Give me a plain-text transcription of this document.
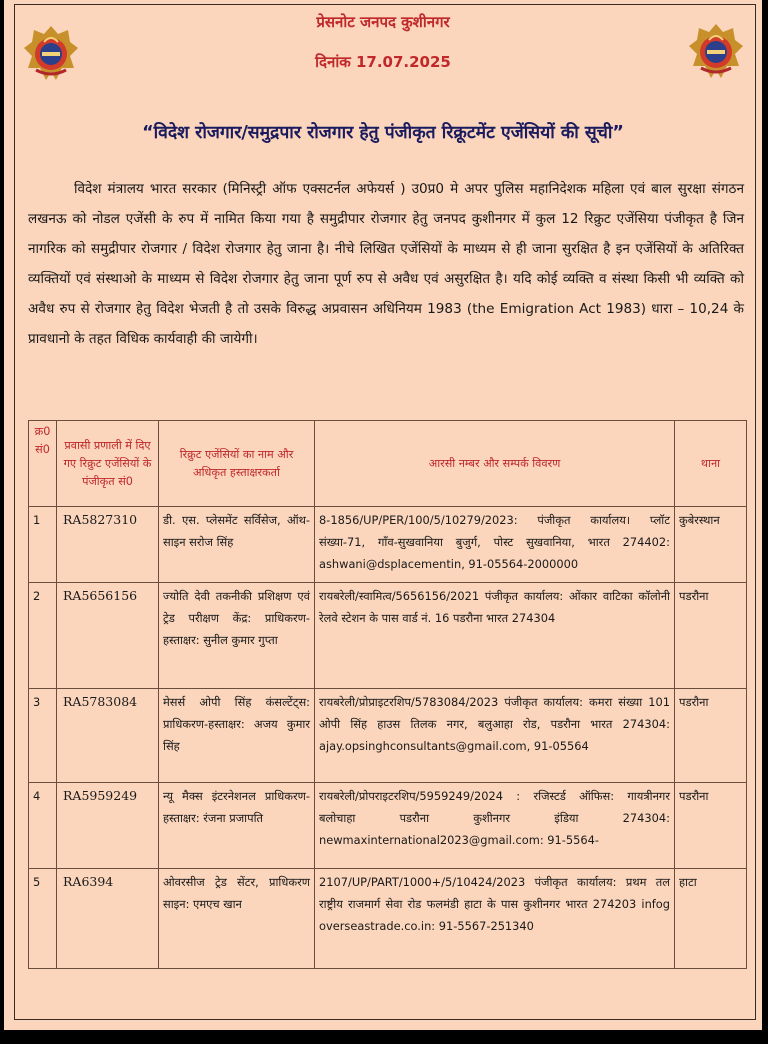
प्रेसनोट जनपद कुशीनगर
दिनांक 17.07.2025
“विदेश रोजगार/समुद्रपार रोजगार हेतु पंजीकृत रिक्रूटमेंट एजेंसियों की सूची”
विदेश मंत्रालय भारत सरकार (मिनिस्ट्री ऑफ एक्सटर्नल अफेयर्स ) उ0प्र0 मे अपर पुलिस महानिदेशक महिला एवं बाल सुरक्षा संगठन लखनऊ को नोडल एजेंसी के रुप में नामित किया गया है समुद्रीपार रोजगार हेतु जनपद कुशीनगर में कुल 12 रिक्रुट एजेंसिया पंजीकृत है जिन नागरिक को समुद्रीपार रोजगार / विदेश रोजगार हेतु जाना है। नीचे लिखित एजेंसियों के माध्यम से ही जाना सुरक्षित है इन एजेंसियों के अतिरिक्त व्यक्तियों एवं संस्थाओ के माध्यम से विदेश रोजगार हेतु जाना पूर्ण रुप से अवैध एवं असुरक्षित है। यदि कोई व्यक्ति व संस्था किसी भी व्यक्ति को अवैध रुप से रोजगार हेतु विदेश भेजती है तो उसके विरुद्ध अप्रवासन अधिनियम 1983 (the Emigration Act 1983) धारा – 10,24 के प्रावधानो के तहत विधिक कार्यवाही की जायेगी।
क्र0 सं0	प्रवासी प्रणाली में दिए गए रिक्रुट एजेंसियों के पंजीकृत सं0	रिक्रुट एजेंसियों का नाम और अधिकृत हस्ताक्षरकर्ता	आरसी नम्बर और सम्पर्क विवरण	थाना
1	RA5827310	डी. एस. प्लेसमेंट सर्विसेज, ऑथ-साइन सरोज सिंह	8-1856/UP/PER/100/5/10279/2023: पंजीकृत कार्यालय। प्लॉट संख्या-71, गाँव-सुखवानिया बुजुर्ग, पोस्ट सुखवानिया, भारत 274402: ashwani@dsplacementin, 91-05564-2000000	कुबेरस्थान
2	RA5656156	ज्योति देवी तकनीकी प्रशिक्षण एवं ट्रेड परीक्षण केंद्र: प्राधिकरण-हस्ताक्षर: सुनील कुमार गुप्ता	रायबरेली/स्वामित्व/5656156/2021 पंजीकृत कार्यालय: ओंकार वाटिका कॉलोनी रेलवे स्टेशन के पास वार्ड नं. 16 पडरौना भारत 274304	पडरौना
3	RA5783084	मेसर्स ओपी सिंह कंसल्टेंट्स: प्राधिकरण-हस्ताक्षर: अजय कुमार सिंह	रायबरेली/प्रोप्राइटरशिप/5783084/2023 पंजीकृत कार्यालय: कमरा संख्या 101 ओपी सिंह हाउस तिलक नगर, बलुआहा रोड, पडरौना भारत 274304: ajay.opsinghconsultants@gmail.com, 91-05564	पडरौना
4	RA5959249	न्यू मैक्स इंटरनेशनल प्राधिकरण-हस्ताक्षर: रंजना प्रजापति	रायबरेली/प्रोपराइटरशिप/5959249/2024 : रजिस्टर्ड ऑफिस: गायत्रीनगर बलोचाहा पडरौना कुशीनगर इंडिया 274304: newmaxinternational2023@gmail.com: 91-5564-	पडरौना
5	RA6394	ओवरसीज ट्रेड सेंटर, प्राधिकरण साइन: एमएच खान	2107/UP/PART/1000+/5/10424/2023 पंजीकृत कार्यालय: प्रथम तल राष्ट्रीय राजमार्ग सेवा रोड फलमंडी हाटा के पास कुशीनगर भारत 274203 infog overseastrade.co.in: 91-5567-251340	हाटा
